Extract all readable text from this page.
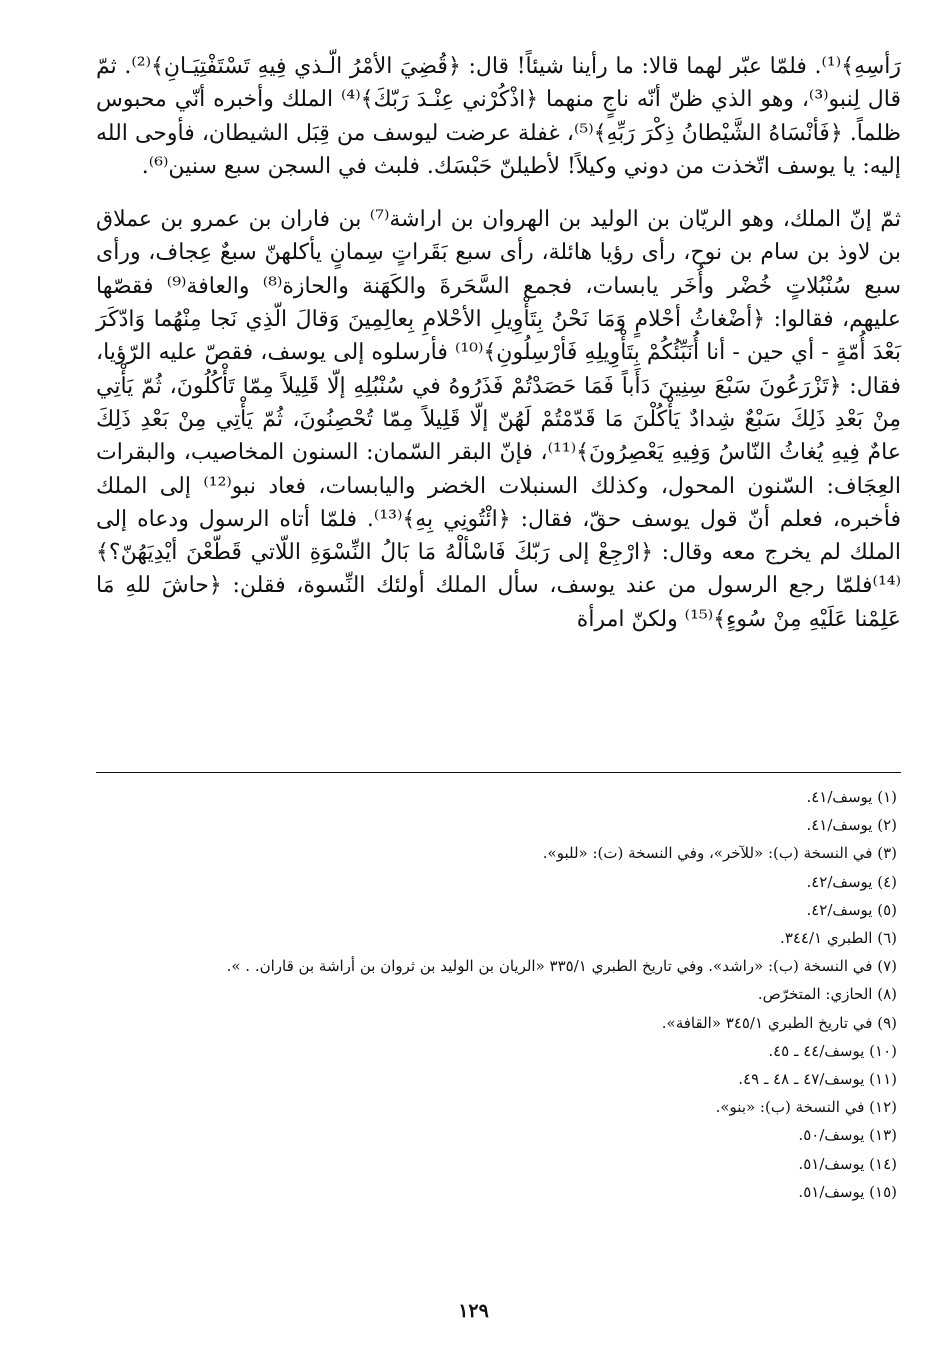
رَأسِهِ﴾⁽¹⁾. فلمّا عبّر لهما قالا: ما رأينا شيئاً! قال: ﴿قُضِيَ الأمْرُ الّـذي فِيهِ تَسْتَفْتِيَـانِ﴾⁽²⁾. ثمّ قال لِنبو⁽³⁾، وهو الذي ظنّ أنّه ناجٍ منهما ﴿اذْكُرْني عِنْـدَ رَبّكَ﴾⁽⁴⁾ الملك وأخبره أنّي محبوس ظلماً. ﴿فَأنْسَاهُ الشَّيْطانُ ذِكْرَ رَبِّهِ﴾⁽⁵⁾، غفلة عرضت ليوسف من قِبَل الشيطان، فأوحى الله إليه: يا يوسف اتّخذت من دوني وكيلاً! لأطيلنّ حَبْسَك. فلبث في السجن سبع سنين⁽⁶⁾.

ثمّ إنّ الملك، وهو الريّان بن الوليد بن الهروان بن اراشة⁽⁷⁾ بن فاران بن عمرو بن عملاق بن لاوذ بن سام بن نوح، رأى رؤيا هائلة، رأى سبع بَقَراتٍ سِمانٍ يأكلهنّ سبعٌ عِجاف، ورأى سبع سُنْبُلاتٍ خُضْر وأُخَر يابسات، فجمع السَّحَرةَ والكَهَنة والحازة⁽⁸⁾ والعافة⁽⁹⁾ فقصّها عليهم، فقالوا: ﴿أضْغاثُ أحْلامٍ وَمَا نَحْنُ بِتَأْوِيلِ الأحْلامِ بِعالِمِينَ وَقالَ الّذِي نَجا مِنْهُما وَادّكَرَ بَعْدَ أُمّةٍ - أي حين - أنا أُنَبِّئُكُمْ بِتَأْوِيلِهِ فَأرْسِلُونِ﴾⁽¹⁰⁾ فأرسلوه إلى يوسف، فقصّ عليه الرّؤيا، فقال: ﴿تَزْرَعُونَ سَبْعَ سِنِينَ دَأَباً فَمَا حَصَدْتُمْ فَذَرُوهُ في سُنْبُلِهِ إلّا قَلِيلاً مِمّا تَأْكُلُونَ، ثُمّ يَأْتِي مِنْ بَعْدِ ذَلِكَ سَبْعٌ شِدادٌ يَأْكُلْنَ مَا قَدّمْتُمْ لَهُنّ إلّا قَلِيلاً مِمّا تُحْصِنُونَ، ثُمّ يَأْتِي مِنْ بَعْدِ ذَلِكَ عامٌ فِيهِ يُغاثُ النّاسُ وَفِيهِ يَعْصِرُونَ﴾⁽¹¹⁾، فإنّ البقر السّمان: السنون المخاصيب، والبقرات العِجَاف: السّنون المحول، وكذلك السنبلات الخضر واليابسات، فعاد نبو⁽¹²⁾ إلى الملك فأخبره، فعلم أنّ قول يوسف حقّ، فقال: ﴿ائْتُونِي بِهِ﴾⁽¹³⁾. فلمّا أتاه الرسول ودعاه إلى الملك لم يخرج معه وقال: ﴿ارْجِعْ إلى رَبّكَ فَاسْألْهُ مَا بَالُ النِّسْوَةِ اللّاتي قَطّعْنَ أيْدِيَهُنّ؟﴾⁽¹⁴⁾فلمّا رجع الرسول من عند يوسف، سأل الملك أولئك النِّسوة، فقلن: ﴿حاشَ للهِ مَا عَلِمْنا عَلَيْهِ مِنْ سُوءٍ﴾⁽¹⁵⁾ ولكنّ امرأة

(١) يوسف/٤١.
(٢) يوسف/٤١.
(٣) في النسخة (ب): «للآخر»، وفي النسخة (ت): «للبو».
(٤) يوسف/٤٢.
(٥) يوسف/٤٢.
(٦) الطبري ٣٤٤/١.
(٧) في النسخة (ب): «راشد». وفي تاريخ الطبري ٣٣٥/١ «الريان بن الوليد بن ثروان بن أراشة بن قاران. . ».
(٨) الحازي: المتخرّص.
(٩) في تاريخ الطبري ٣٤٥/١ «القافة».
(١٠) يوسف/٤٤ ـ ٤٥.
(١١) يوسف/٤٧ ـ ٤٨ ـ ٤٩.
(١٢) في النسخة (ب): «بنو».
(١٣) يوسف/٥٠.
(١٤) يوسف/٥١.
(١٥) يوسف/٥١.
١٢٩
